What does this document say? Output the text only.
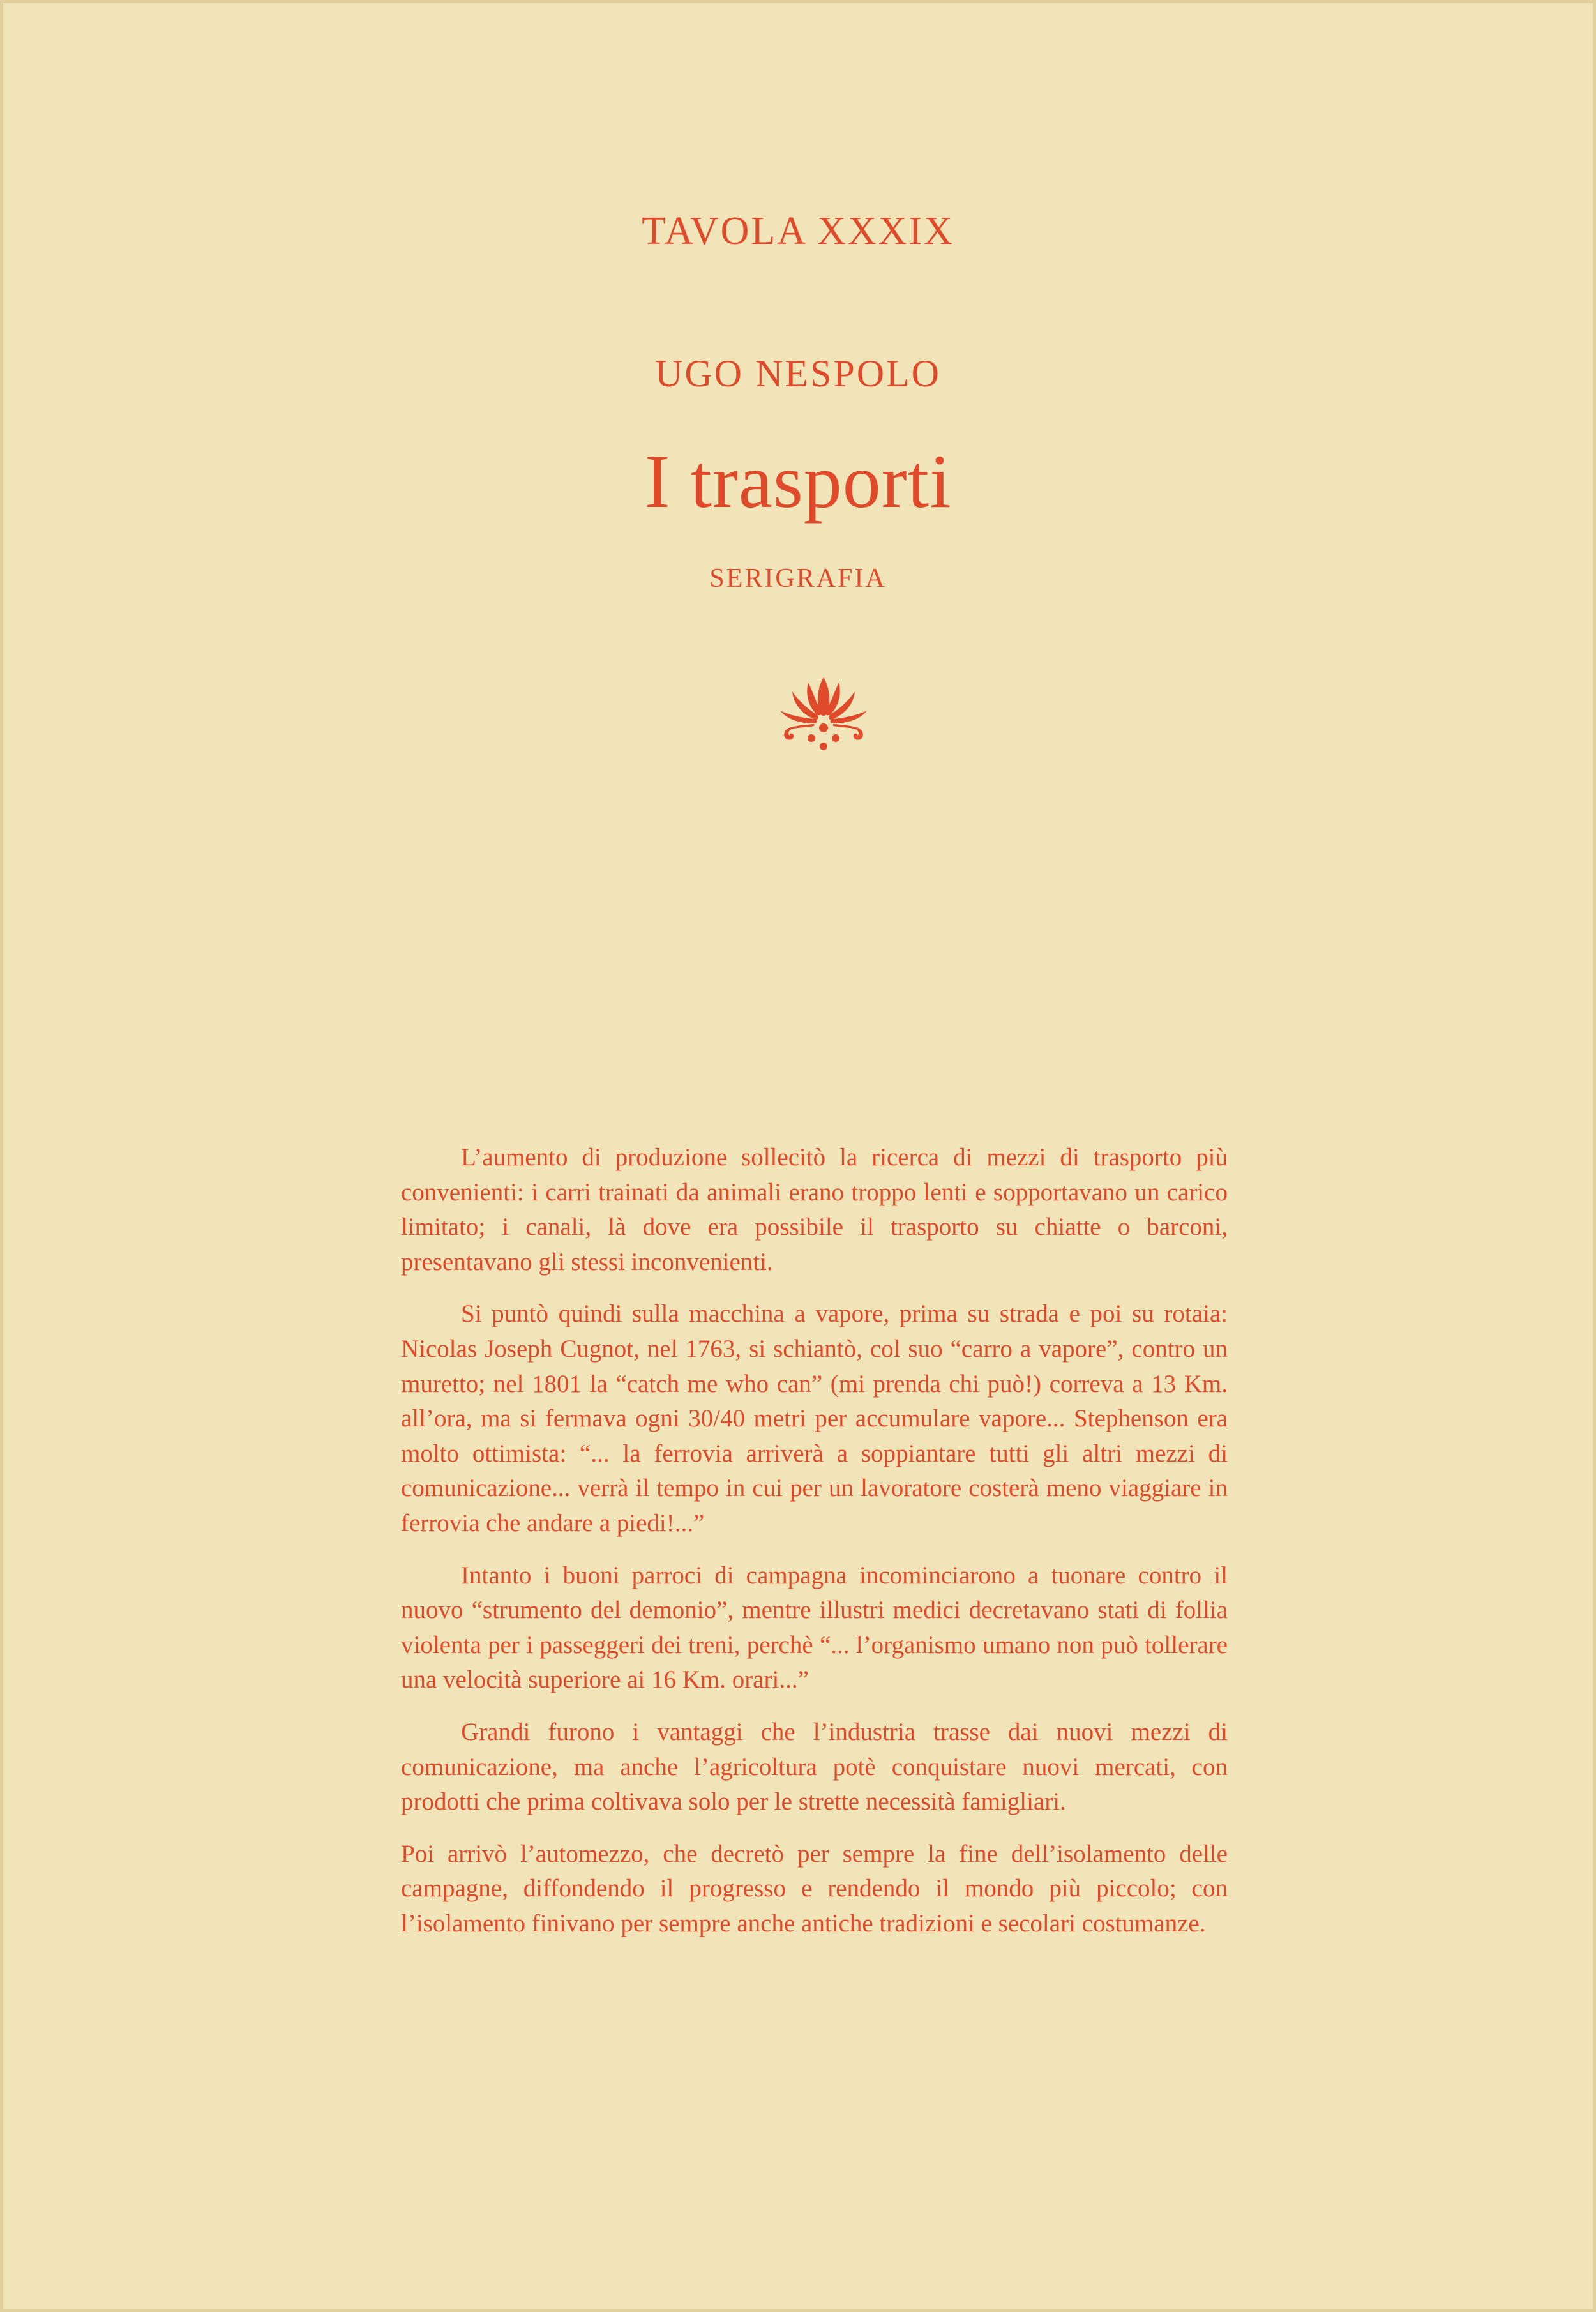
TAVOLA XXXIX
UGO NESPOLO
I trasporti
SERIGRAFIA

L’aumento di produzione sollecitò la ricerca di mezzi di trasporto più convenienti: i carri trainati da animali erano troppo lenti e sopportavano un carico limitato; i canali, là dove era possibile il trasporto su chiatte o barconi, presentavano gli stessi inconvenienti.

Si puntò quindi sulla macchina a vapore, prima su strada e poi su rotaia: Nicolas Joseph Cugnot, nel 1763, si schiantò, col suo “carro a vapore”, contro un muretto; nel 1801 la “catch me who can” (mi prenda chi può!) correva a 13 Km. all’ora, ma si fermava ogni 30/40 metri per accumulare vapore... Stephenson era molto ottimista: “... la ferrovia arriverà a soppiantare tutti gli altri mezzi di comunicazione... verrà il tempo in cui per un lavoratore costerà meno viaggiare in ferrovia che andare a piedi!...”

Intanto i buoni parroci di campagna incominciarono a tuonare contro il nuovo “strumento del demonio”, mentre illustri medici decretavano stati di follia violenta per i passeggeri dei treni, perchè “... l’organismo umano non può tollerare una velocità superiore ai 16 Km. orari...”

Grandi furono i vantaggi che l’industria trasse dai nuovi mezzi di comunicazione, ma anche l’agricoltura potè conquistare nuovi mercati, con prodotti che prima coltivava solo per le strette necessità famigliari.

Poi arrivò l’automezzo, che decretò per sempre la fine dell’isolamento delle campagne, diffondendo il progresso e rendendo il mondo più piccolo; con l’isolamento finivano per sempre anche antiche tradizioni e secolari costumanze.
